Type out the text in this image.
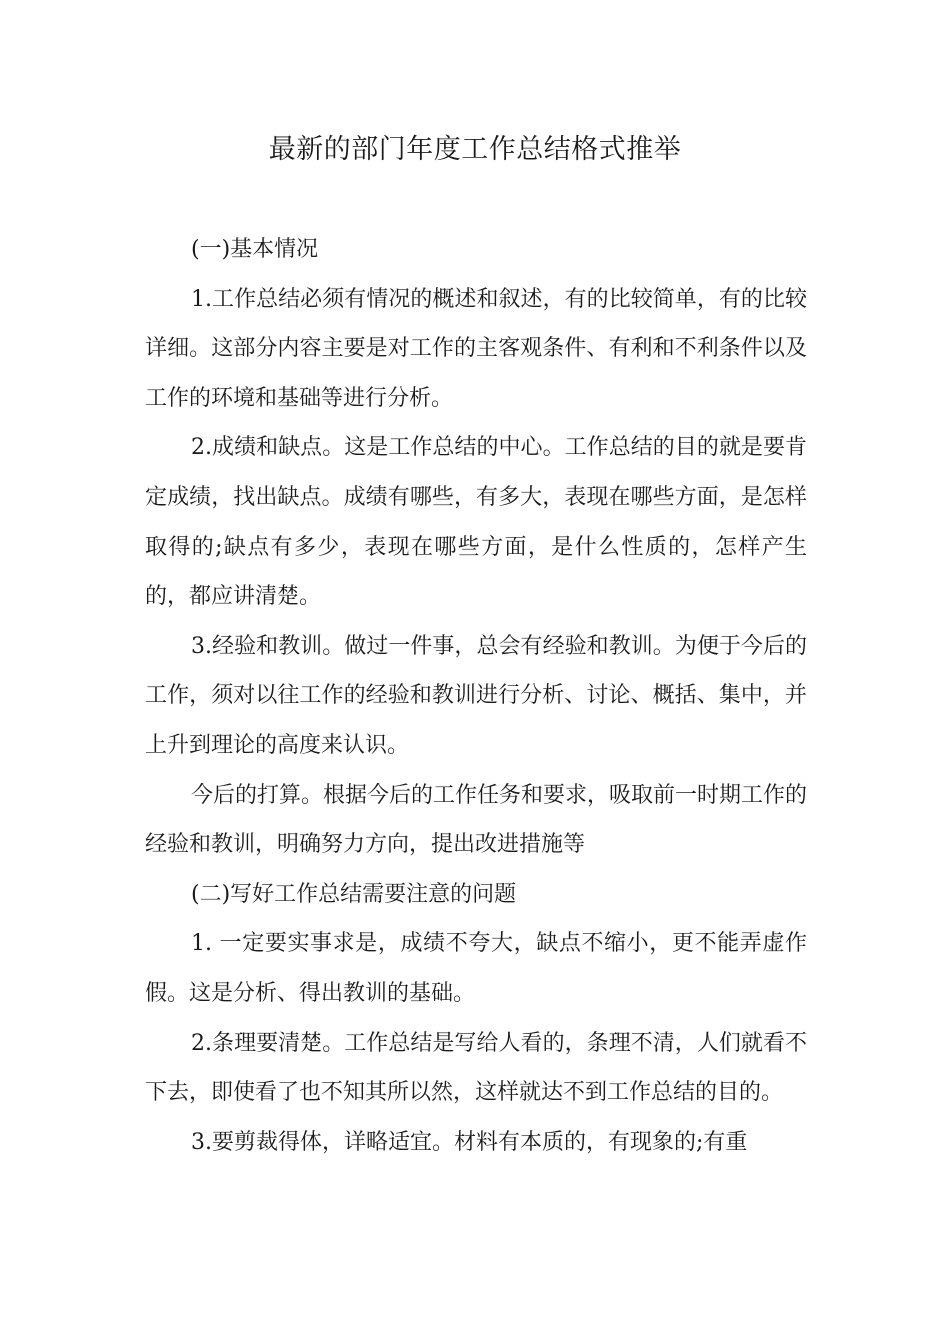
最新的部门年度工作总结格式推举

(一)基本情况

1.工作总结必须有情况的概述和叙述，有的比较简单，有的比较详细。这部分内容主要是对工作的主客观条件、有利和不利条件以及工作的环境和基础等进行分析。

2.成绩和缺点。这是工作总结的中心。工作总结的目的就是要肯定成绩，找出缺点。成绩有哪些，有多大，表现在哪些方面，是怎样取得的;缺点有多少，表现在哪些方面，是什么性质的，怎样产生的，都应讲清楚。

3.经验和教训。做过一件事，总会有经验和教训。为便于今后的工作，须对以往工作的经验和教训进行分析、讨论、概括、集中，并上升到理论的高度来认识。

今后的打算。根据今后的工作任务和要求，吸取前一时期工作的经验和教训，明确努力方向，提出改进措施等

(二)写好工作总结需要注意的问题

1. 一定要实事求是，成绩不夸大，缺点不缩小，更不能弄虚作假。这是分析、得出教训的基础。

2.条理要清楚。工作总结是写给人看的，条理不清，人们就看不下去，即使看了也不知其所以然，这样就达不到工作总结的目的。

3.要剪裁得体，详略适宜。材料有本质的，有现象的;有重
